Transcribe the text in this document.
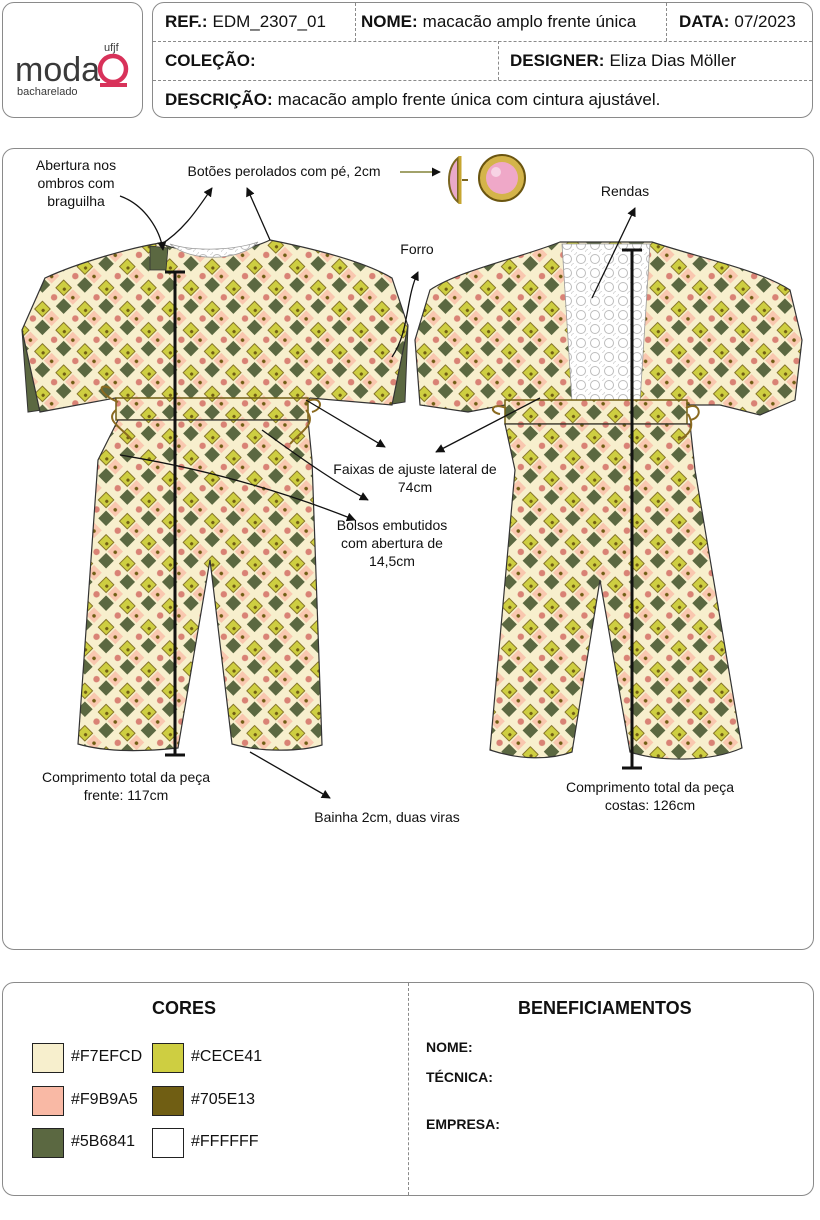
moda
ufjf
bacharelado
REF.: EDM_2307_01 NOME: macacão amplo frente única	DATA: 07/2023
COLEÇÃO:	DESIGNER: Eliza Dias Möller
DESCRIÇÃO: macacão amplo frente única com cintura ajustável.
Abertura nos ombros com braguilha
Botões perolados com pé, 2cm
Rendas
Forro
Faixas de ajuste lateral de 74cm
Bolsos embutidos com abertura de 14,5cm
Comprimento total da peça frente: 117cm	Comprimento total da peça costas: 126cm
Bainha 2cm, duas viras
CORES
#F7EFCD	#CECE41
#F9B9A5	#705E13
#5B6841	#FFFFFF
BENEFICIAMENTOS
NOME:
TÉCNICA:
EMPRESA:
